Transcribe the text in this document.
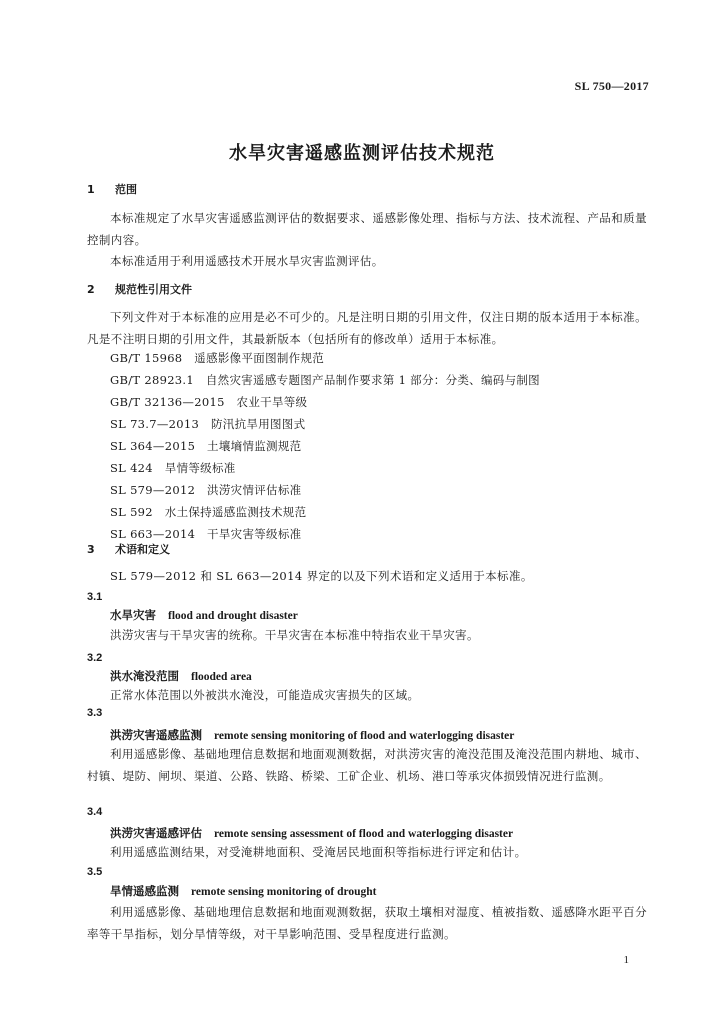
SL 750—2017
水旱灾害遥感监测评估技术规范
1 范围
本标准规定了水旱灾害遥感监测评估的数据要求、遥感影像处理、指标与方法、技术流程、产品和质量控制内容。
本标准适用于利用遥感技术开展水旱灾害监测评估。
2 规范性引用文件
下列文件对于本标准的应用是必不可少的。凡是注明日期的引用文件，仅注日期的版本适用于本标准。凡是不注明日期的引用文件，其最新版本（包括所有的修改单）适用于本标准。
GB/T 15968   遥感影像平面图制作规范
GB/T 28923.1   自然灾害遥感专题图产品制作要求第 1 部分：分类、编码与制图
GB/T 32136—2015   农业干旱等级
SL 73.7—2013   防汛抗旱用图图式
SL 364—2015   土壤墒情监测规范
SL 424   旱情等级标准
SL 579—2012   洪涝灾情评估标准
SL 592   水土保持遥感监测技术规范
SL 663—2014   干旱灾害等级标准
3 术语和定义
SL 579—2012 和 SL 663—2014 界定的以及下列术语和定义适用于本标准。
3.1
水旱灾害 flood and drought disaster
洪涝灾害与干旱灾害的统称。干旱灾害在本标准中特指农业干旱灾害。
3.2
洪水淹没范围 flooded area
正常水体范围以外被洪水淹没，可能造成灾害损失的区域。
3.3
洪涝灾害遥感监测 remote sensing monitoring of flood and waterlogging disaster
利用遥感影像、基础地理信息数据和地面观测数据，对洪涝灾害的淹没范围及淹没范围内耕地、城市、村镇、堤防、闸坝、渠道、公路、铁路、桥梁、工矿企业、机场、港口等承灾体损毁情况进行监测。
3.4
洪涝灾害遥感评估 remote sensing assessment of flood and waterlogging disaster
利用遥感监测结果，对受淹耕地面积、受淹居民地面积等指标进行评定和估计。
3.5
旱情遥感监测 remote sensing monitoring of drought
利用遥感影像、基础地理信息数据和地面观测数据，获取土壤相对湿度、植被指数、遥感降水距平百分率等干旱指标，划分旱情等级，对干旱影响范围、受旱程度进行监测。
1
